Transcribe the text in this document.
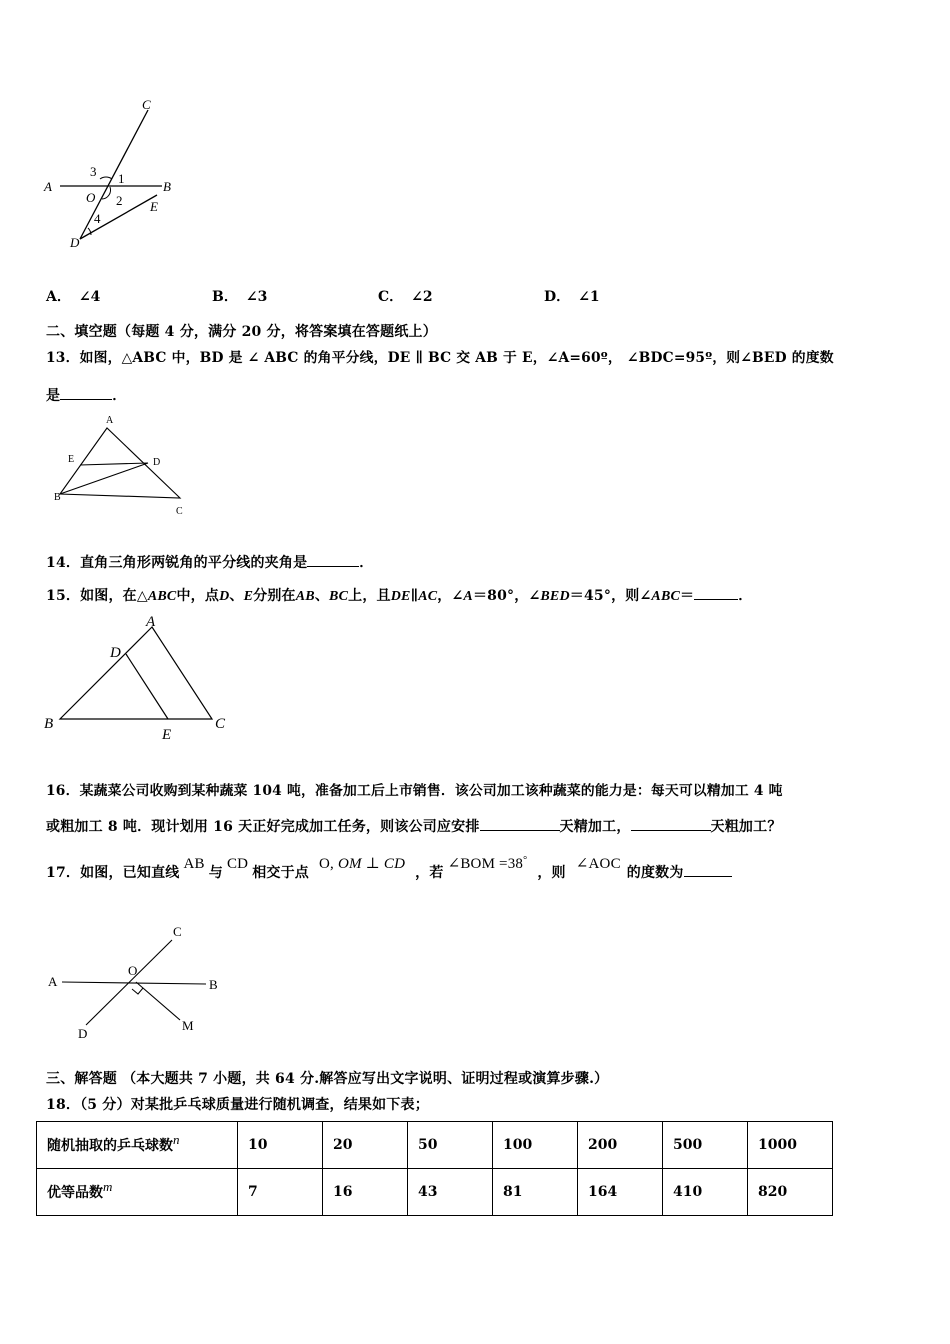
C
A	B
O
E
D
1
2
3
4
A． ∠4	B． ∠3	C． ∠2	D． ∠1
二、填空题（每题 4 分，满分 20 分，将答案填在答题纸上）
13．如图，△ABC 中，BD 是 ∠ ABC 的角平分线，DE ∥ BC 交 AB 于 E，∠A=60º， ∠BDC=95º，则∠BED 的度数
是	．
A
E	D
B
C
14．直角三角形两锐角的平分线的夹角是	．
15．如图，在△ABC中，点D、E分别在AB、BC上，且DE∥AC，∠A＝80°，∠BED＝45°，则∠ABC＝	．
A
D
B
E
C
16．某蔬菜公司收购到某种蔬菜 104 吨，准备加工后上市销售．该公司加工该种蔬菜的能力是：每天可以精加工 4 吨
或粗加工 8 吨．现计划用 16 天正好完成加工任务，则该公司应安排	天精加工，	天粗加工？
17．如图，已知直线AB与CD相交于点O, OM ⊥ CD，若∠BOM =38°，则∠AOC的度数为
C
A
O
B
D
M
三、解答题 （本大题共 7 小题，共 64 分.解答应写出文字说明、证明过程或演算步骤.）
18．（5 分）对某批乒乓球质量进行随机调查，结果如下表；
随机抽取的乒乓球数n	10	20	50	100	200	500	1000
优等品数m	7	16	43	81	164	410	820
